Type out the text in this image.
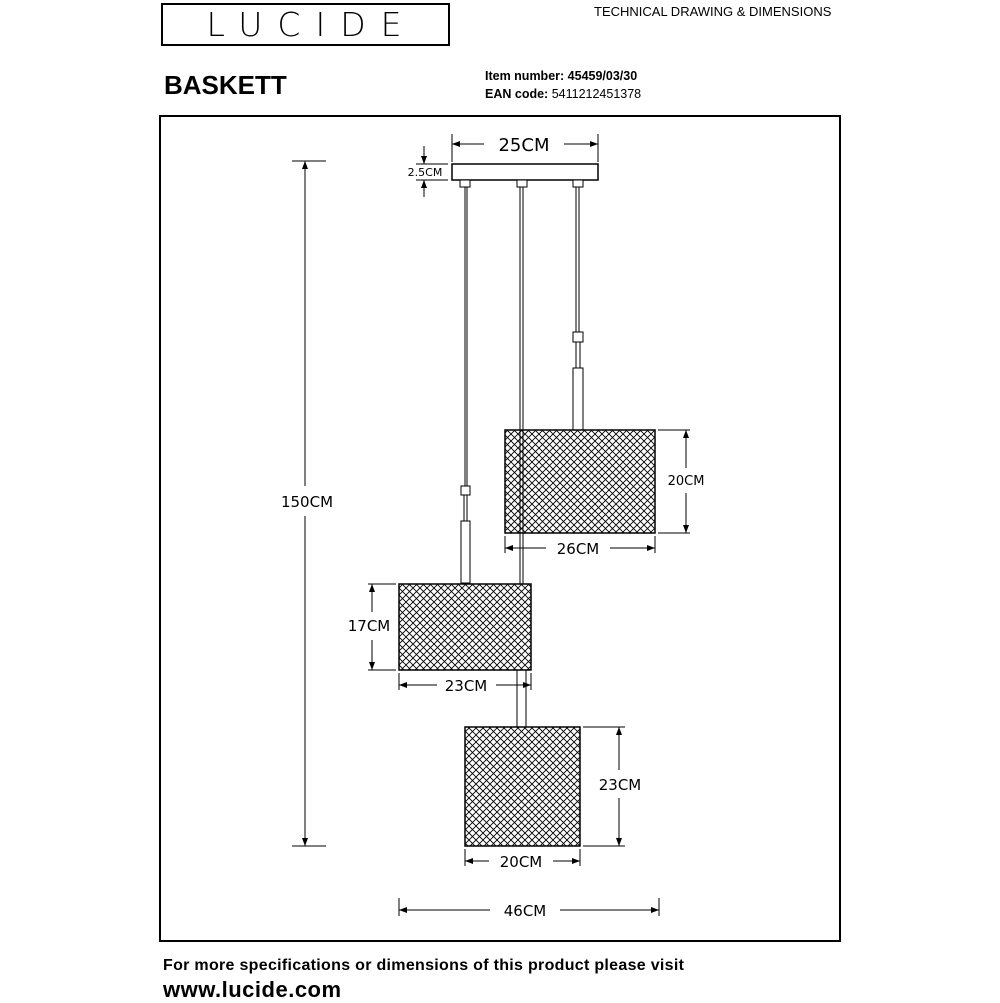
LUCIDE	TECHNICAL DRAWING & DIMENSIONS
BASKETT	Item number: 45459/03/30
EAN code: 5411212451378
25CM
2.5CM
150CM
20CM
26CM
17CM
23CM
23CM
20CM
46CM
For more specifications or dimensions of this product please visit
www.lucide.com
